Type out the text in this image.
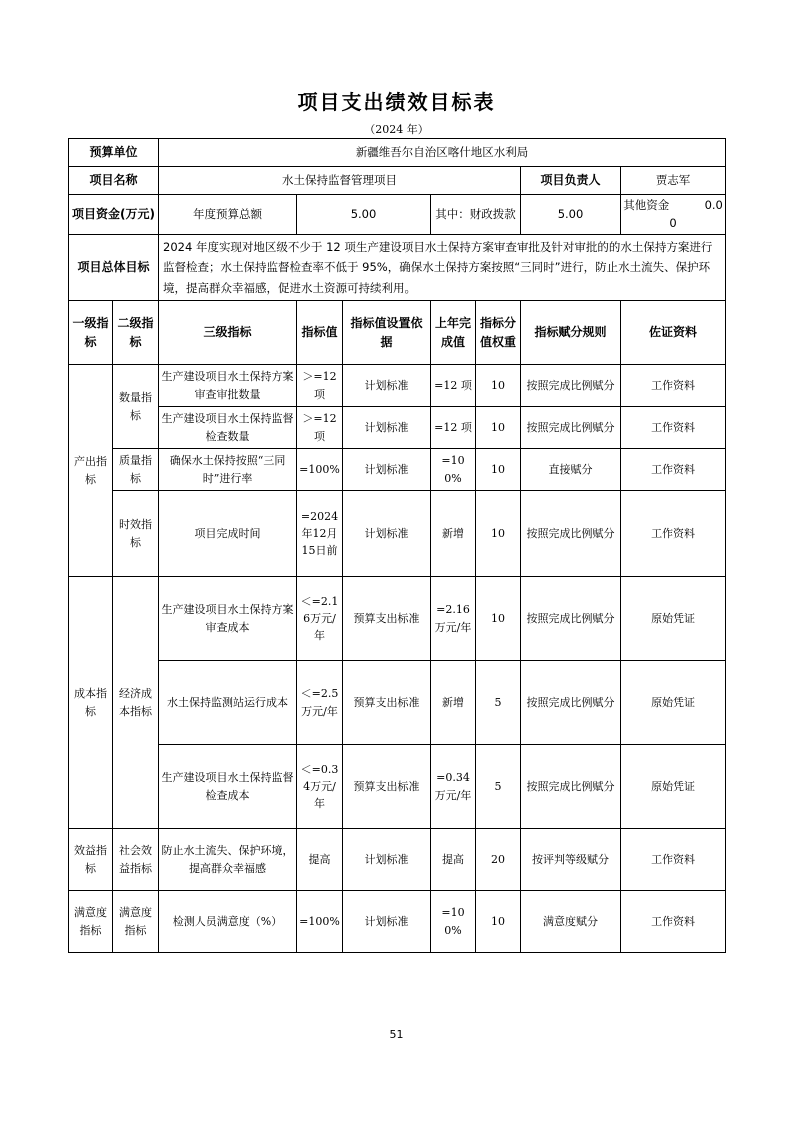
项目支出绩效目标表
（2024 年）
预算单位		新疆维吾尔自治区喀什地区水利局						
项目名称		水土保持监督管理项目					项目负责人	贾志军
项目资金(万元)		年度预算总额	5.00		其中：财政拨款		5.00	其他资金 0.00
项目总体目标		2024 年度实现对地区级不少于 12 项生产建设项目水土保持方案审查审批及针对审批的的水土保持方案进行监督检查；水土保持监督检查率不低于 95%，确保水土保持方案按照“三同时”进行，防止水土流失、保护环境，提高群众幸福感，促进水土资源可持续利用。						
一级指标	二级指标	三级指标	指标值	指标值设置依据	上年完成值	指标分值权重	指标赋分规则	佐证资料
产出指标	数量指标	生产建设项目水土保持方案审查审批数量	＞=12项	计划标准	=12 项	10	按照完成比例赋分	工作资料
		生产建设项目水土保持监督检查数量	＞=12项	计划标准	=12 项	10	按照完成比例赋分	工作资料
	质量指标	确保水土保持按照“三同时”进行率	=100%	计划标准	=100%	10	直接赋分	工作资料
	时效指标	项目完成时间	=2024年12月15日前	计划标准	新增	10	按照完成比例赋分	工作资料
成本指标	经济成本指标	生产建设项目水土保持方案审查成本	＜=2.16万元/年	预算支出标准	=2.16万元/年	10	按照完成比例赋分	原始凭证
		水土保持监测站运行成本	＜=2.5万元/年	预算支出标准	新增	5	按照完成比例赋分	原始凭证
		生产建设项目水土保持监督检查成本	＜=0.34万元/年	预算支出标准	=0.34万元/年	5	按照完成比例赋分	原始凭证
效益指标	社会效益指标	防止水土流失、保护环境，提高群众幸福感	提高	计划标准	提高	20	按评判等级赋分	工作资料
满意度指标	满意度指标	检测人员满意度（%）	=100%	计划标准	=100%	10	满意度赋分	工作资料
51
